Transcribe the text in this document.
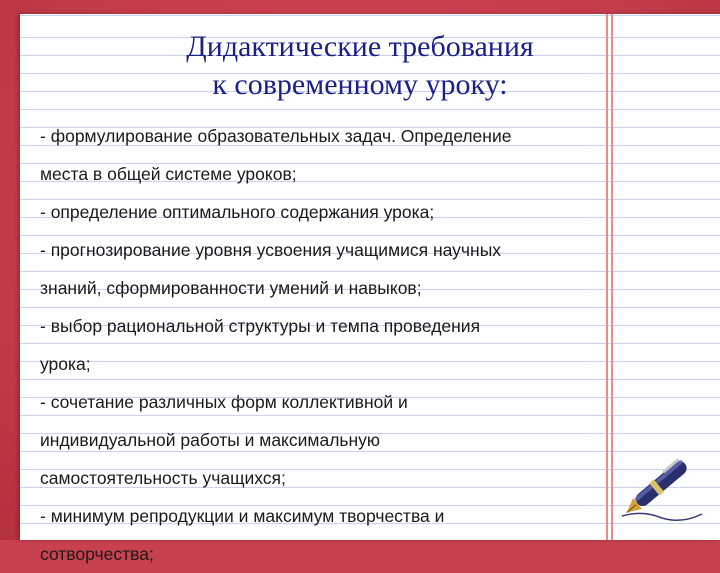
Дидактические требования
к современному уроку:
- формулирование образовательных задач. Определение
места в общей системе уроков;
- определение оптимального содержания урока;
- прогнозирование уровня усвоения учащимися научных
знаний, сформированности умений и навыков;
- выбор рациональной структуры и темпа проведения
урока;
- сочетание различных форм коллективной и
индивидуальной работы и максимальную
самостоятельность учащихся;
- минимум репродукции и максимум творчества и
сотворчества;
